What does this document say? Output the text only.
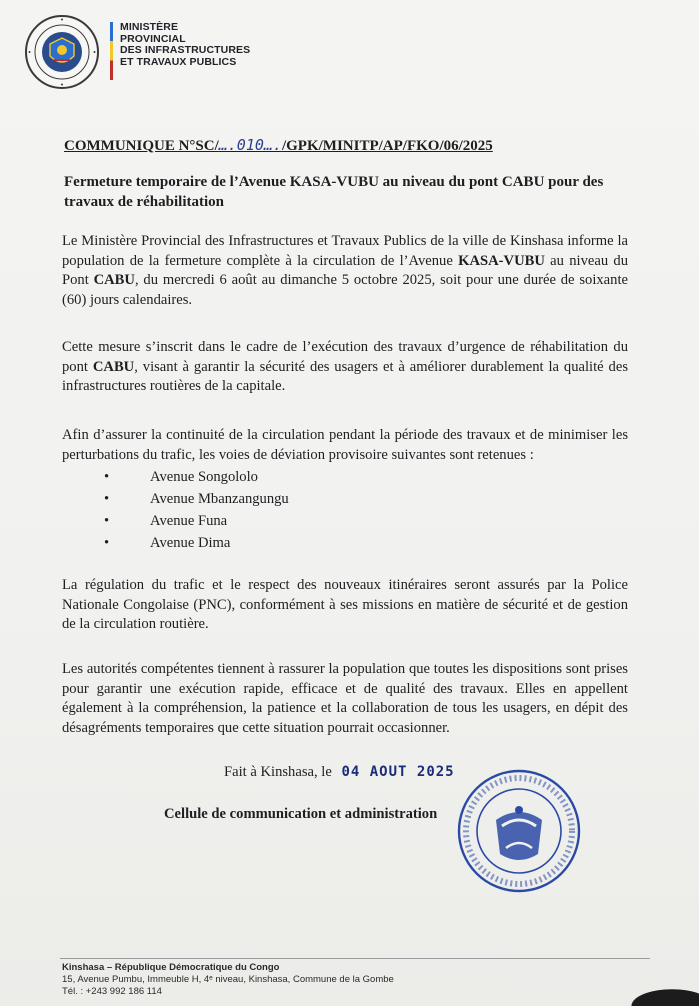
MINISTÈRE
PROVINCIAL
DES INFRASTRUCTURES
ET TRAVAUX PUBLICS
COMMUNIQUE N°SC/….010…./GPK/MINITP/AP/FKO/06/2025
Fermeture temporaire de l’Avenue KASA-VUBU au niveau du pont CABU pour des travaux de réhabilitation
Le Ministère Provincial des Infrastructures et Travaux Publics de la ville de Kinshasa informe la population de la fermeture complète à la circulation de l’Avenue KASA-VUBU au niveau du Pont CABU, du mercredi 6 août au dimanche 5 octobre 2025, soit pour une durée de soixante (60) jours calendaires.
Cette mesure s’inscrit dans le cadre de l’exécution des travaux d’urgence de réhabilitation du pont CABU, visant à garantir la sécurité des usagers et à améliorer durablement la qualité des infrastructures routières de la capitale.
Afin d’assurer la continuité de la circulation pendant la période des travaux et de minimiser les perturbations du trafic, les voies de déviation provisoire suivantes sont retenues :
• Avenue Songololo
• Avenue Mbanzangungu
• Avenue Funa
• Avenue Dima
La régulation du trafic et le respect des nouveaux itinéraires seront assurés par la Police Nationale Congolaise (PNC), conformément à ses missions en matière de sécurité et de gestion de la circulation routière.
Les autorités compétentes tiennent à rassurer la population que toutes les dispositions sont prises pour garantir une exécution rapide, efficace et de qualité des travaux. Elles en appellent également à la compréhension, la patience et la collaboration de tous les usagers, en dépit des désagréments temporaires que cette situation pourrait occasionner.
Fait à Kinshasa, le 04 AOUT 2025
Cellule de communication et administration
Kinshasa – République Démocratique du Congo
15, Avenue Pumbu, Immeuble H, 4ᵉ niveau, Kinshasa, Commune de la Gombe
Tél. : +243 992 186 114
